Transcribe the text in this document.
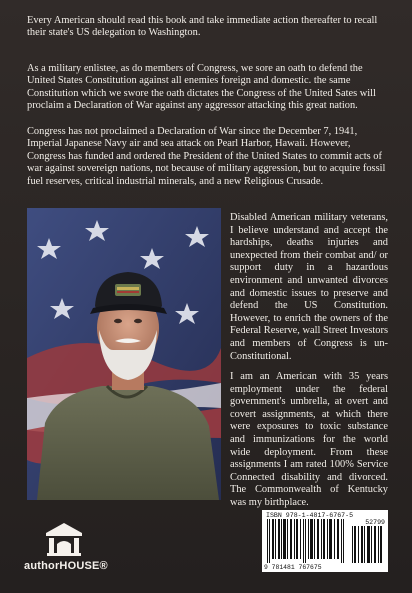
Every American should read this book and take immediate action thereafter to recall their state's US delegation to Washington.

As a military enlistee, as do members of Congress, we sore an oath to defend the United States Constitution against all enemies foreign and domestic. the same Constitution which we swore the oath dictates the Congress of the United Sates will proclaim a Declaration of War against any aggressor attacking this great nation.

Congress has not proclaimed a Declaration of War since the December 7, 1941, Imperial Japanese Navy air and sea attack on Pearl Harbor, Hawaii. However, Congress has funded and ordered the President of the United States to commit acts of war against sovereign nations, not because of military aggression, but to acquire fossil fuel reserves, critical industrial minerals, and a new Religious Crusade.

Disabled American military veterans, I believe understand and accept the hardships, deaths injuries and unexpected from their combat and/ or support duty in a hazardous environment and unwanted divorces and domestic issues to preserve and defend the US Constitution. However, to enrich the owners of the Federal Reserve, wall Street Investors and members of Congress is un-Constitutional.

I am an American with 35 years employment under the federal government's umbrella, at overt and covert assignments, at which there were exposures to toxic substance and immunizations for the world wide deployment. From these assignments I am rated 100% Service Connected disability and divorced. The Commonwealth of Kentucky was my birthplace.

ISBN 978-1-4817-6767-5
52799
9 781481 767675
authorHOUSE®
